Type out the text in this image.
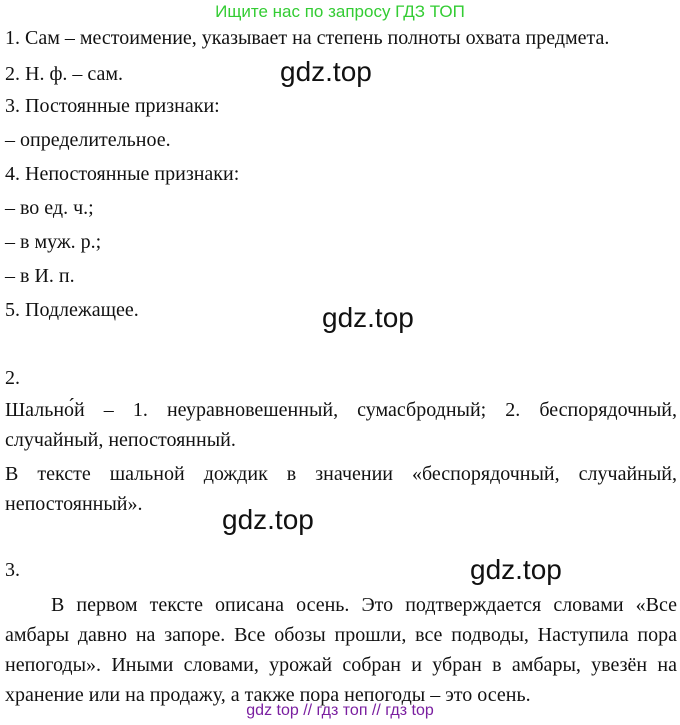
Ищите нас по запросу ГДЗ ТОП
1. Сам – местоимение, указывает на степень полноты охвата предмета.
2. Н. ф. – сам.
3. Постоянные признаки:
– определительное.
4. Непостоянные признаки:
– во ед. ч.;
– в муж. р.;
– в И. п.
5. Подлежащее.
2.
Шально́й – 1. неуравновешенный, сумасбродный; 2. беспорядочный, случайный, непостоянный.
В тексте шальной дождик в значении «беспорядочный, случайный, непостоянный».
3.
В первом тексте описана осень. Это подтверждается словами «Все амбары давно на запоре. Все обозы прошли, все подводы, Наступила пора непогоды». Иными словами, урожай собран и убран в амбары, увезён на хранение или на продажу, а также пора непогоды – это осень.
gdz.top
gdz.top
gdz.top
gdz.top
gdz top // гдз топ // гдз top
